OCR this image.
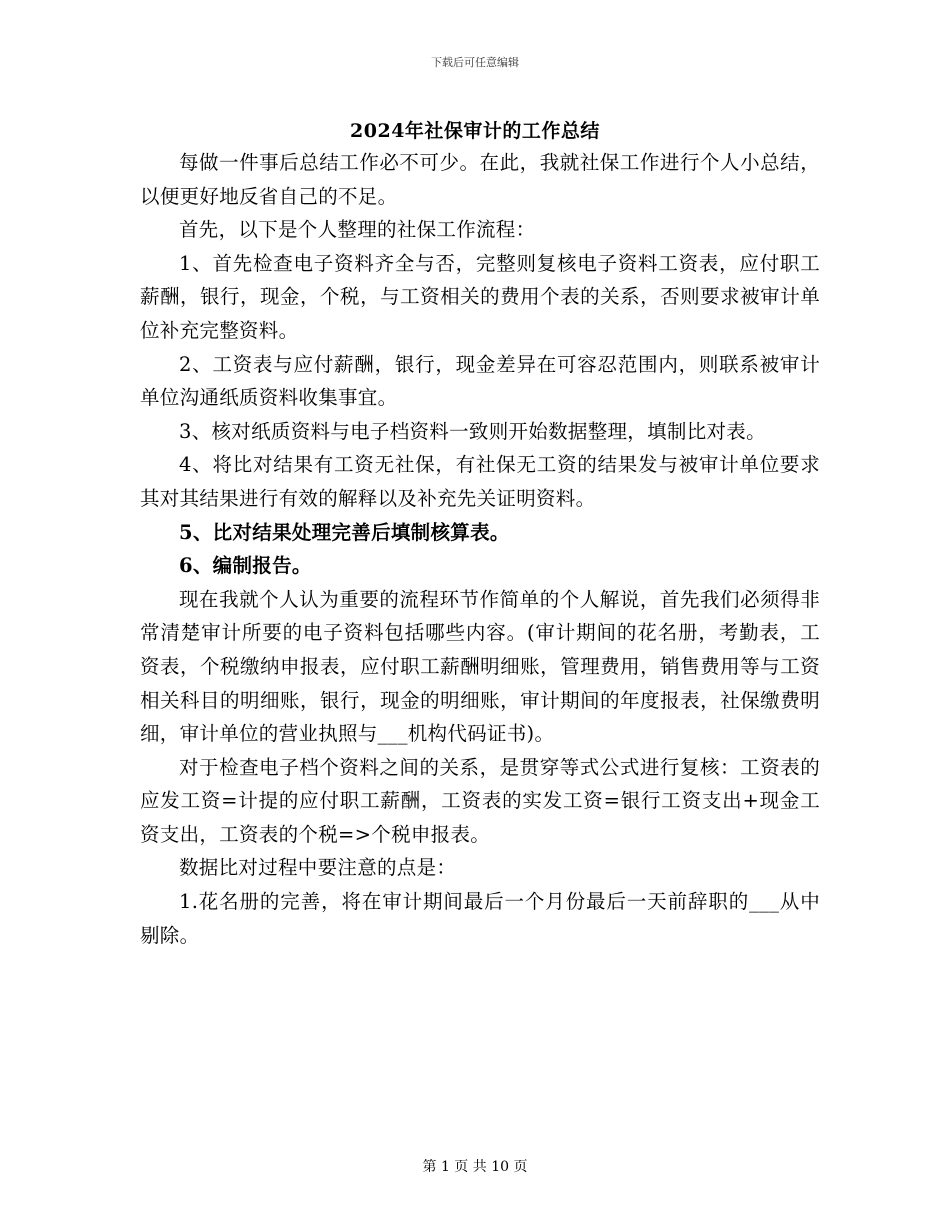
下载后可任意编辑
2024年社保审计的工作总结

每做一件事后总结工作必不可少。在此，我就社保工作进行个人小总结，以便更好地反省自己的不足。

首先，以下是个人整理的社保工作流程：

1、首先检查电子资料齐全与否，完整则复核电子资料工资表，应付职工薪酬，银行，现金，个税，与工资相关的费用个表的关系，否则要求被审计单位补充完整资料。

2、工资表与应付薪酬，银行，现金差异在可容忍范围内，则联系被审计单位沟通纸质资料收集事宜。

3、核对纸质资料与电子档资料一致则开始数据整理，填制比对表。

4、将比对结果有工资无社保，有社保无工资的结果发与被审计单位要求其对其结果进行有效的解释以及补充先关证明资料。

5、比对结果处理完善后填制核算表。

6、编制报告。

现在我就个人认为重要的流程环节作简单的个人解说，首先我们必须得非常清楚审计所要的电子资料包括哪些内容。(审计期间的花名册，考勤表，工资表，个税缴纳申报表，应付职工薪酬明细账，管理费用，销售费用等与工资相关科目的明细账，银行，现金的明细账，审计期间的年度报表，社保缴费明细，审计单位的营业执照与___机构代码证书)。

对于检查电子档个资料之间的关系，是贯穿等式公式进行复核：工资表的应发工资=计提的应付职工薪酬，工资表的实发工资=银行工资支出+现金工资支出，工资表的个税=>个税申报表。

数据比对过程中要注意的点是：

1.花名册的完善，将在审计期间最后一个月份最后一天前辞职的___从中剔除。

第 1 页 共 10 页
